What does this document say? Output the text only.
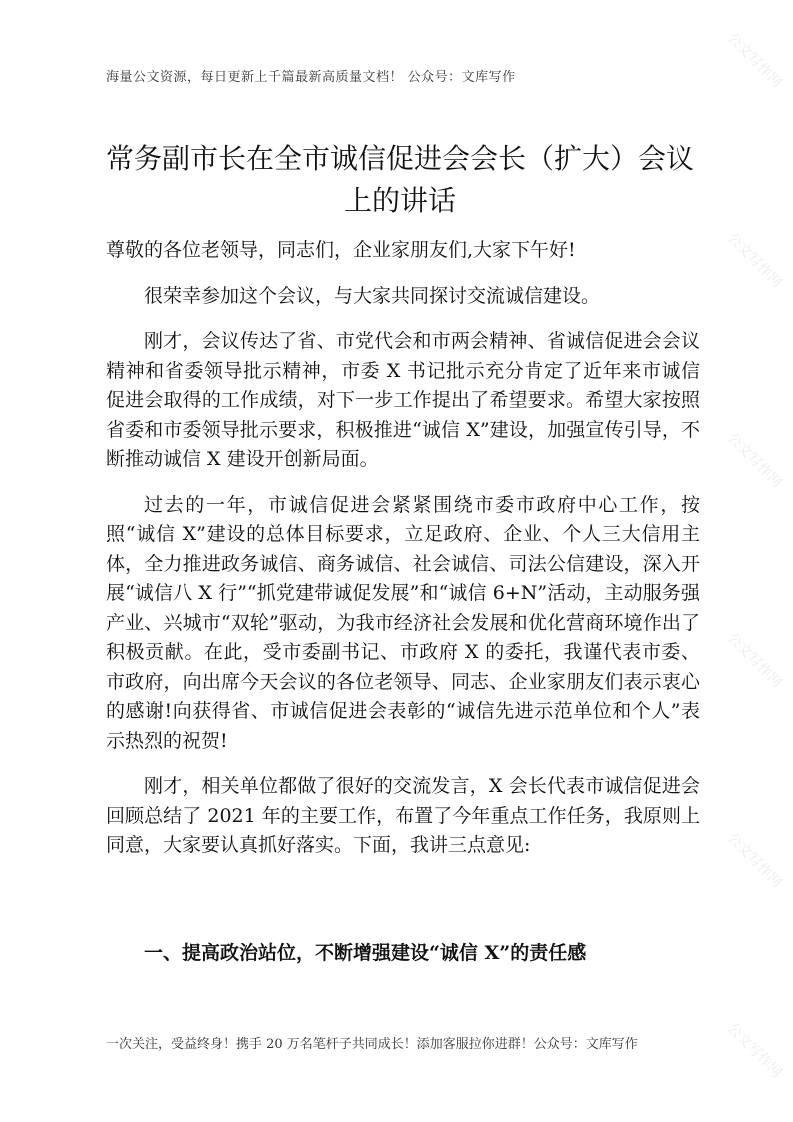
海量公文资源，每日更新上千篇最新高质量文档！ 公众号：文库写作
常务副市长在全市诚信促进会会长（扩大）会议上的讲话

尊敬的各位老领导，同志们，企业家朋友们,大家下午好!

很荣幸参加这个会议，与大家共同探讨交流诚信建设。

刚才，会议传达了省、市党代会和市两会精神、省诚信促进会会议精神和省委领导批示精神，市委 X 书记批示充分肯定了近年来市诚信促进会取得的工作成绩，对下一步工作提出了希望要求。希望大家按照省委和市委领导批示要求，积极推进“诚信 X”建设，加强宣传引导，不断推动诚信 X 建设开创新局面。

过去的一年，市诚信促进会紧紧围绕市委市政府中心工作，按照“诚信 X”建设的总体目标要求，立足政府、企业、个人三大信用主体，全力推进政务诚信、商务诚信、社会诚信、司法公信建设，深入开展“诚信八 X 行”“抓党建带诚促发展”和“诚信 6+N”活动，主动服务强产业、兴城市“双轮”驱动，为我市经济社会发展和优化营商环境作出了积极贡献。在此，受市委副书记、市政府 X 的委托，我谨代表市委、市政府，向出席今天会议的各位老领导、同志、企业家朋友们表示衷心的感谢!向获得省、市诚信促进会表彰的“诚信先进示范单位和个人”表示热烈的祝贺!

刚才，相关单位都做了很好的交流发言，X 会长代表市诚信促进会回顾总结了 2021 年的主要工作，布置了今年重点工作任务，我原则上同意，大家要认真抓好落实。下面，我讲三点意见:

一、提高政治站位，不断增强建设“诚信 X”的责任感
一次关注，受益终身！携手 20 万名笔杆子共同成长！添加客服拉你进群！公众号：文库写作
公文写作网
公文写作网
公文写作网
公文写作网
公文写作网
公文写作网
